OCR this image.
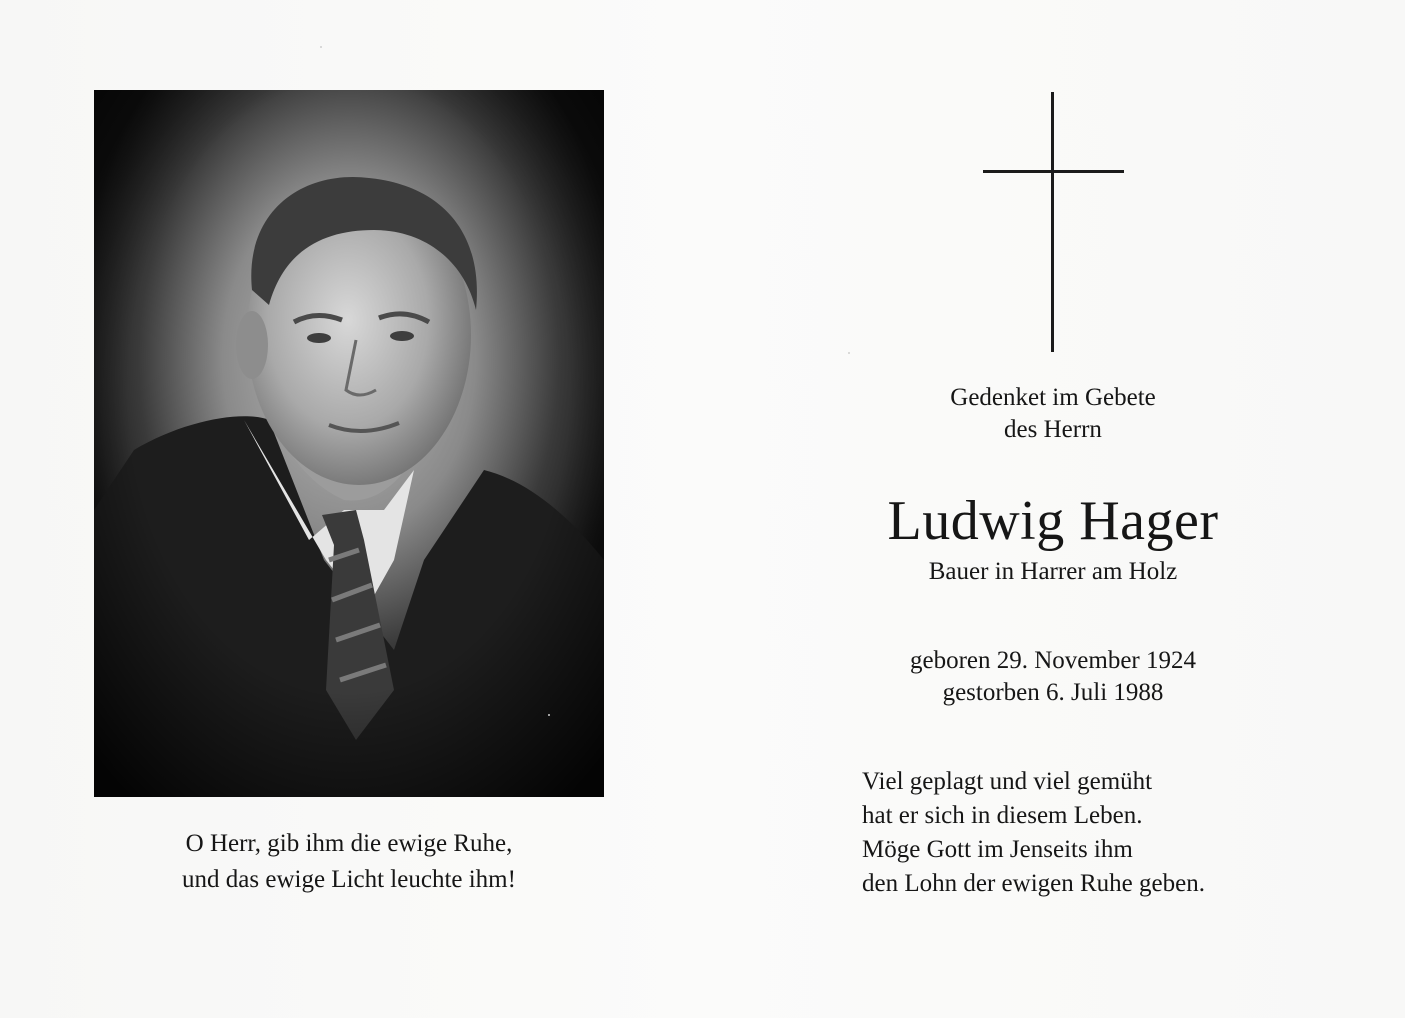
O Herr, gib ihm die ewige Ruhe,
und das ewige Licht leuchte ihm!
Gedenket im Gebete
des Herrn
Ludwig Hager
Bauer in Harrer am Holz
geboren 29. November 1924
gestorben 6. Juli 1988
Viel geplagt und viel gemüht
hat er sich in diesem Leben.
Möge Gott im Jenseits ihm
den Lohn der ewigen Ruhe geben.
